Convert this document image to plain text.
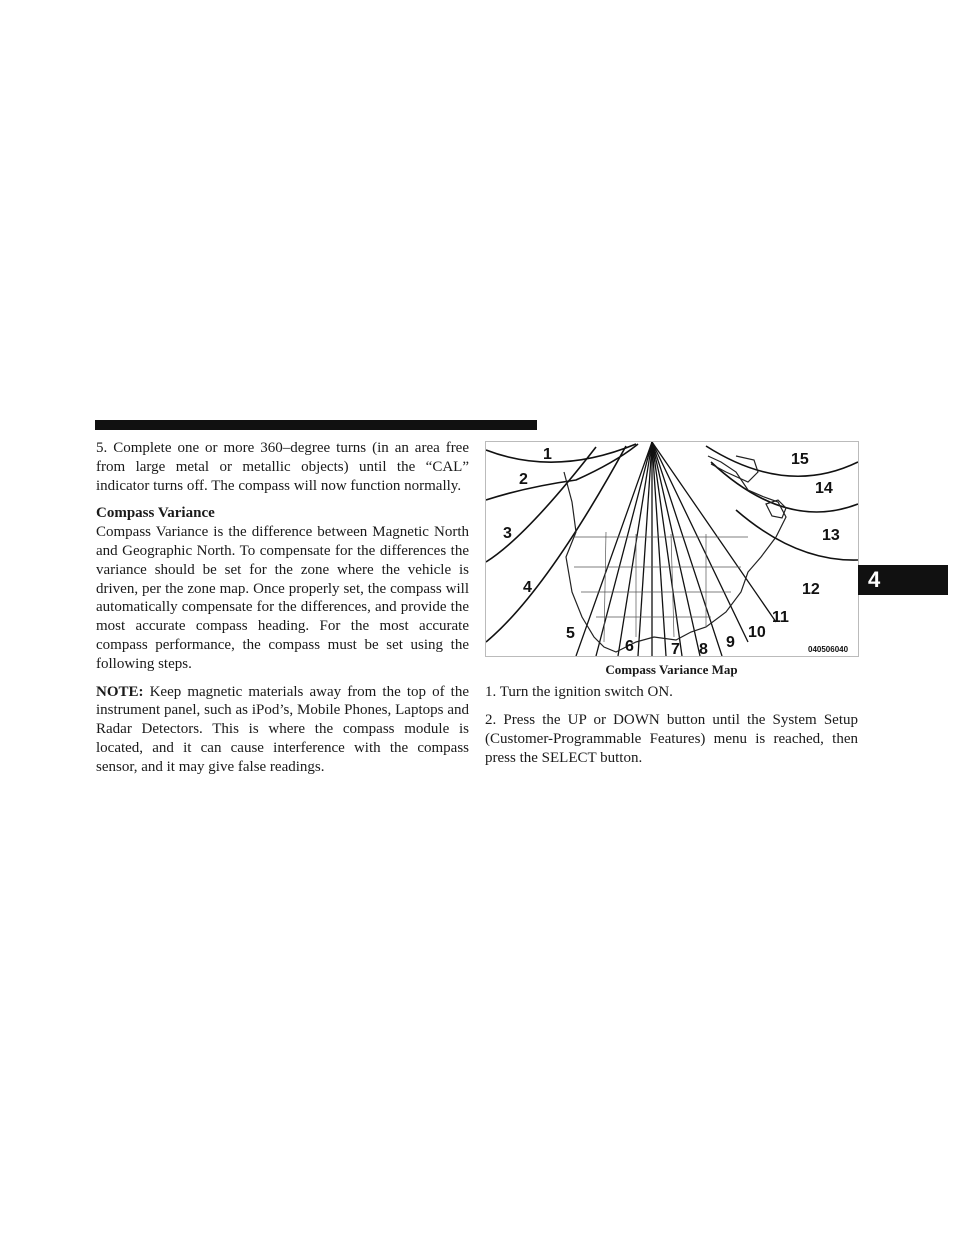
5. Complete one or more 360–degree turns (in an area free from large metal or metallic objects) until the “CAL” indicator turns off. The compass will now function normally.

Compass Variance

Compass Variance is the difference between Magnetic North and Geographic North. To compensate for the differences the variance should be set for the zone where the vehicle is driven, per the zone map. Once properly set, the compass will automatically compensate for the differences, and provide the most accurate compass heading. For the most accurate compass performance, the compass must be set using the following steps.

NOTE: Keep magnetic materials away from the top of the instrument panel, such as iPod’s, Mobile Phones, Laptops and Radar Detectors. This is where the compass module is located, and it can cause interference with the compass sensor, and it may give false readings.

1
2
3
4
5
6 7 8 9
10
11
12
13
14
15
040506040
Compass Variance Map

1. Turn the ignition switch ON.

2. Press the UP or DOWN button until the System Setup (Customer-Programmable Features) menu is reached, then press the SELECT button.

4
